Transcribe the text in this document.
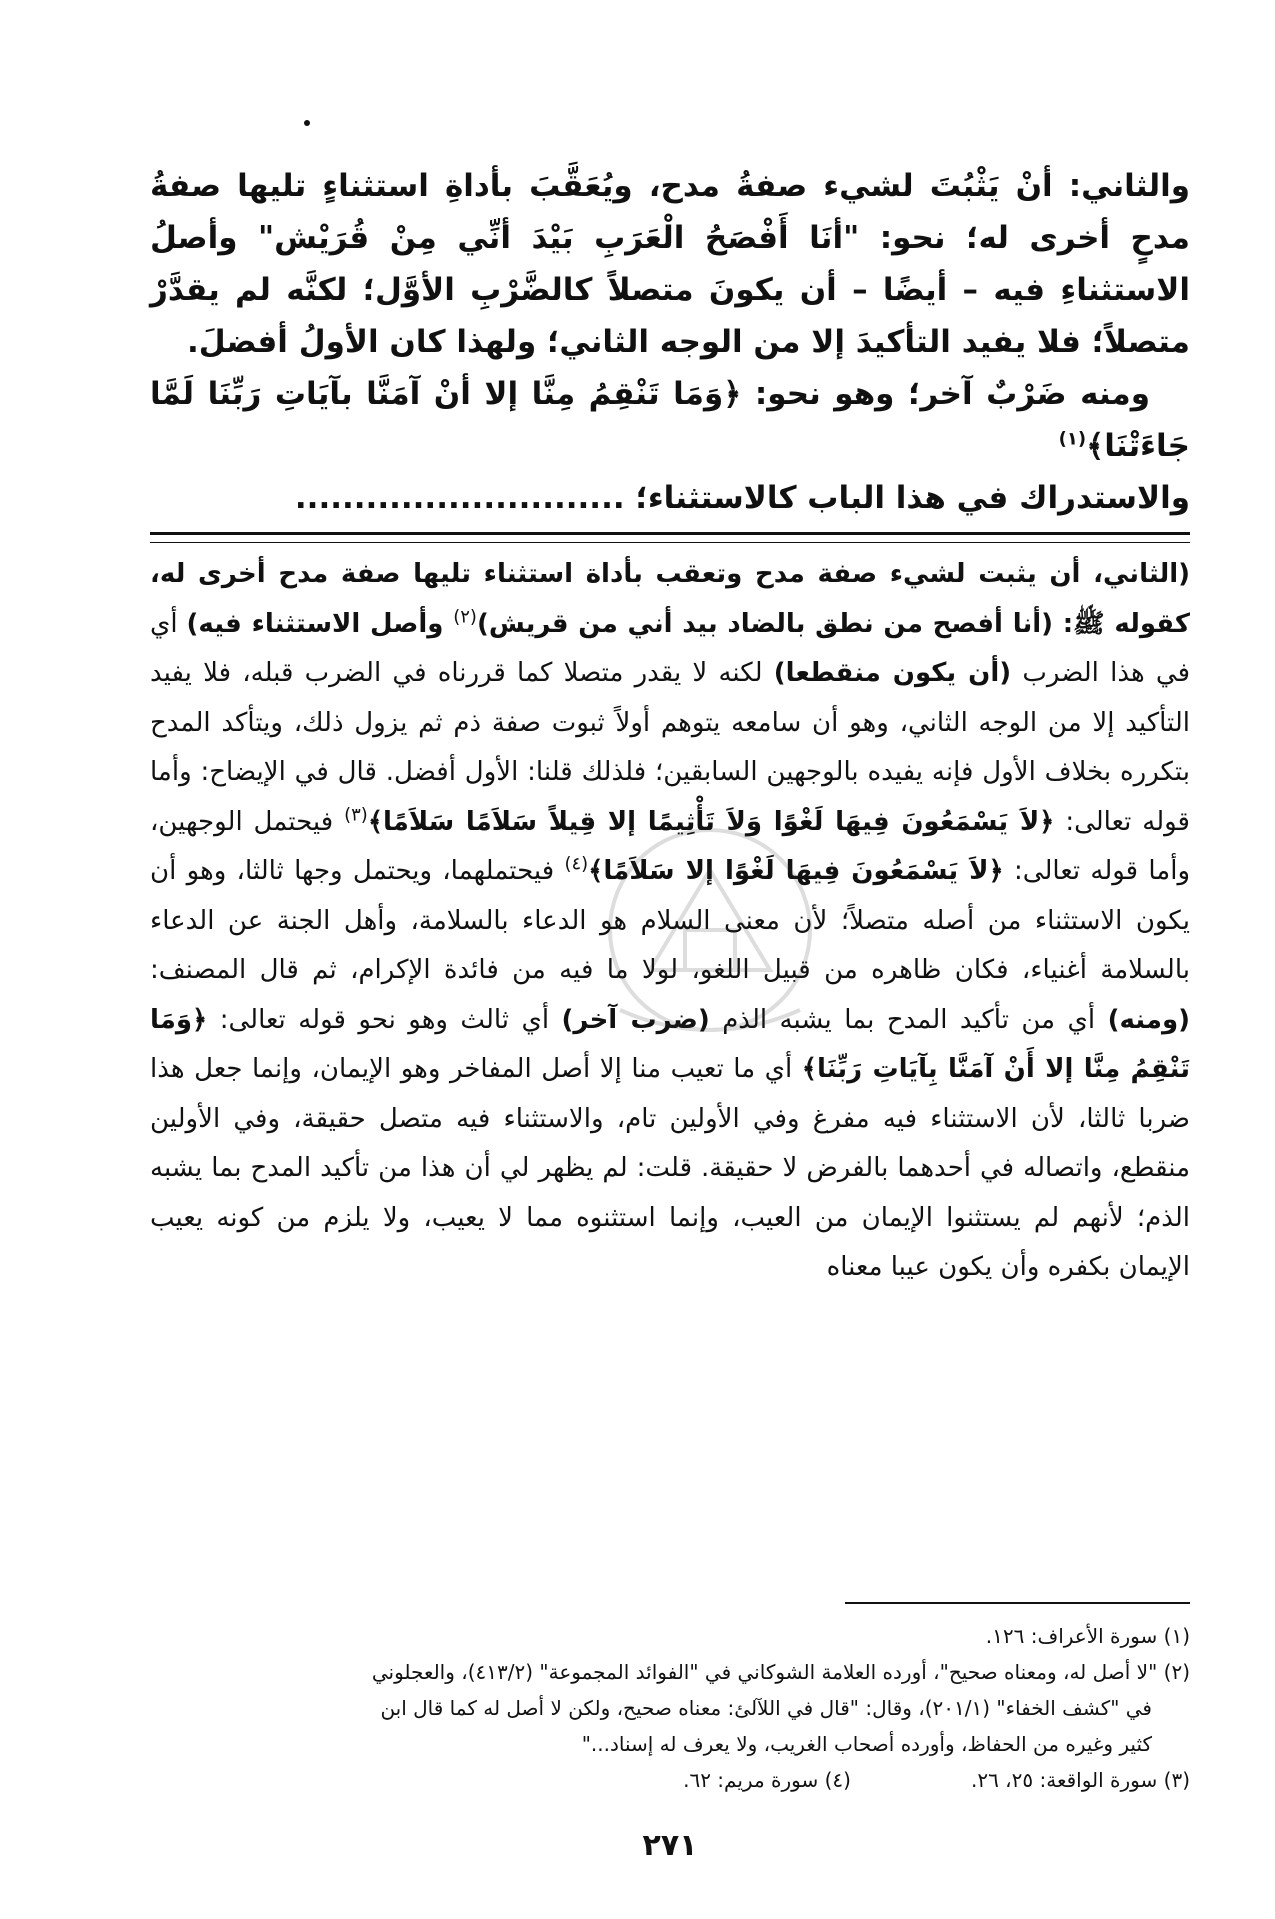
والثاني: أنْ يَثْبُتَ لشيء صفةُ مدح، ويُعَقَّبَ بأداةِ استثناءٍ تليها صفةُ مدحٍ أخرى له؛ نحو: "أنَا أَفْصَحُ الْعَرَبِ بَيْدَ أنِّي مِنْ قُرَيْش" وأصلُ الاستثناءِ فيه – أيضًا – أن يكونَ متصلاً كالضَّرْبِ الأوَّل؛ لكنَّه لم يقدَّرْ متصلاً؛ فلا يفيد التأكيدَ إلا من الوجه الثاني؛ ولهذا كان الأولُ أفضلَ.

ومنه ضَرْبٌ آخر؛ وهو نحو: ﴿وَمَا تَنْقِمُ مِنَّا إلا أنْ آمَنَّا بآيَاتِ رَبِّنَا لَمَّا جَاءَتْنَا﴾$^{(١)}$

والاستدراك في هذا الباب كالاستثناء؛ ............................

(الثاني، أن يثبت لشيء صفة مدح وتعقب بأداة استثناء تليها صفة مدح أخرى له، كقوله ﷺ: (أنا أفصح من نطق بالضاد بيد أني من قريش)$^{(٢)}$ وأصل الاستثناء فيه) أي في هذا الضرب (أن يكون منقطعا) لكنه لا يقدر متصلا كما قررناه في الضرب قبله، فلا يفيد التأكيد إلا من الوجه الثاني، وهو أن سامعه يتوهم أولاً ثبوت صفة ذم ثم يزول ذلك، ويتأكد المدح بتكرره بخلاف الأول فإنه يفيده بالوجهين السابقين؛ فلذلك قلنا: الأول أفضل. قال في الإيضاح: وأما قوله تعالى: ﴿لاَ يَسْمَعُونَ فِيهَا لَغْوًا وَلاَ تَأْثِيمًا إلا قِيلاً سَلاَمًا سَلاَمًا﴾$^{(٣)}$ فيحتمل الوجهين، وأما قوله تعالى: ﴿لاَ يَسْمَعُونَ فِيهَا لَغْوًا إلا سَلاَمًا﴾$^{(٤)}$ فيحتملهما، ويحتمل وجها ثالثا، وهو أن يكون الاستثناء من أصله متصلاً؛ لأن معنى السلام هو الدعاء بالسلامة، وأهل الجنة عن الدعاء بالسلامة أغنياء، فكان ظاهره من قبيل اللغو، لولا ما فيه من فائدة الإكرام، ثم قال المصنف: (ومنه) أي من تأكيد المدح بما يشبه الذم (ضرب آخر) أي ثالث وهو نحو قوله تعالى: ﴿وَمَا تَنْقِمُ مِنَّا إلا أَنْ آمَنَّا بِآيَاتِ رَبِّنَا﴾ أي ما تعيب منا إلا أصل المفاخر وهو الإيمان، وإنما جعل هذا ضربا ثالثا، لأن الاستثناء فيه مفرغ وفي الأولين تام، والاستثناء فيه متصل حقيقة، وفي الأولين منقطع، واتصاله في أحدهما بالفرض لا حقيقة. قلت: لم يظهر لي أن هذا من تأكيد المدح بما يشبه الذم؛ لأنهم لم يستثنوا الإيمان من العيب، وإنما استثنوه مما لا يعيب، ولا يلزم من كونه يعيب الإيمان بكفره وأن يكون عيبا معناه

(١) سورة الأعراف: ١٢٦.

(٢) "لا أصل له، ومعناه صحيح"، أورده العلامة الشوكاني في "الفوائد المجموعة" (٤١٣/٢)، والعجلوني

في "كشف الخفاء" (٢٠١/١)، وقال: "قال في اللآلئ: معناه صحيح، ولكن لا أصل له كما قال ابن

كثير وغيره من الحفاظ، وأورده أصحاب الغريب، ولا يعرف له إسناد..."

(٣) سورة الواقعة: ٢٥، ٢٦.
(٤) سورة مريم: ٦٢.
٢٧١
